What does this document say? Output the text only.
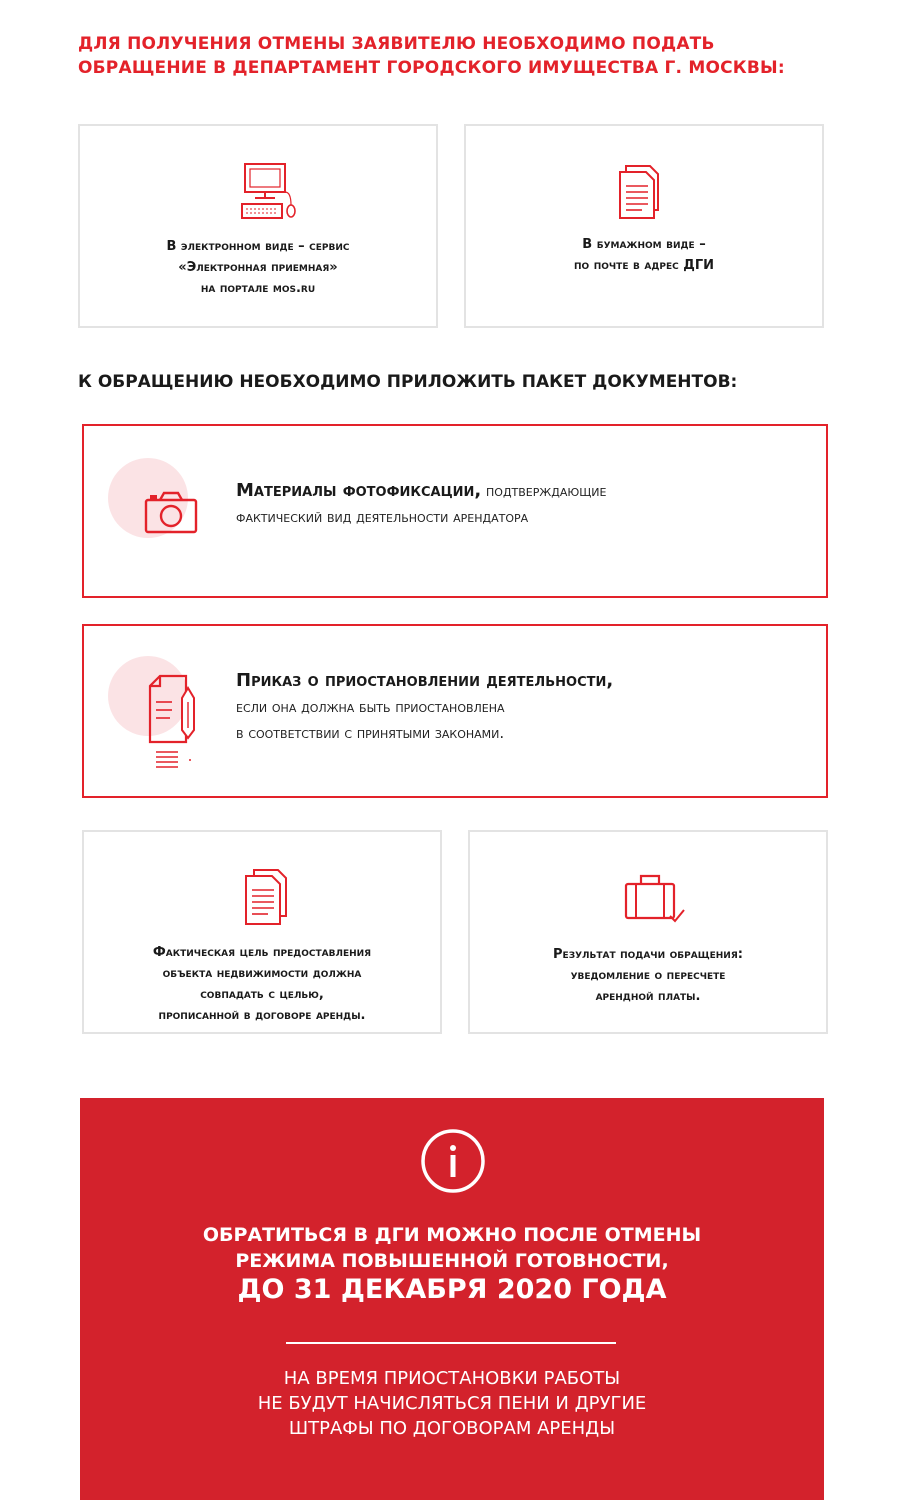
ДЛЯ ПОЛУЧЕНИЯ ОТМЕНЫ ЗАЯВИТЕЛЮ НЕОБХОДИМО ПОДАТЬ
ОБРАЩЕНИЕ В ДЕПАРТАМЕНТ ГОРОДСКОГО ИМУЩЕСТВА Г. МОСКВЫ:
В электронном виде – сервис
«Электронная приемная»
на портале mos.ru
В бумажном виде –
по почте в адрес ДГИ
К ОБРАЩЕНИЮ НЕОБХОДИМО ПРИЛОЖИТЬ ПАКЕТ ДОКУМЕНТОВ:
Материалы фотофиксации, подтверждающие
фактический вид деятельности арендатора
Приказ о приостановлении деятельности,
если она должна быть приостановлена
в соответствии с принятыми законами.
Фактическая цель предоставления
объекта недвижимости должна
совпадать с целью,
прописанной в договоре аренды.
Результат подачи обращения:
уведомление о пересчете
арендной платы.
ОБРАТИТЬСЯ В ДГИ МОЖНО ПОСЛЕ ОТМЕНЫ
РЕЖИМА ПОВЫШЕННОЙ ГОТОВНОСТИ,
ДО 31 ДЕКАБРЯ 2020 ГОДА
НА ВРЕМЯ ПРИОСТАНОВКИ РАБОТЫ
НЕ БУДУТ НАЧИСЛЯТЬСЯ ПЕНИ И ДРУГИЕ
ШТРАФЫ ПО ДОГОВОРАМ АРЕНДЫ
